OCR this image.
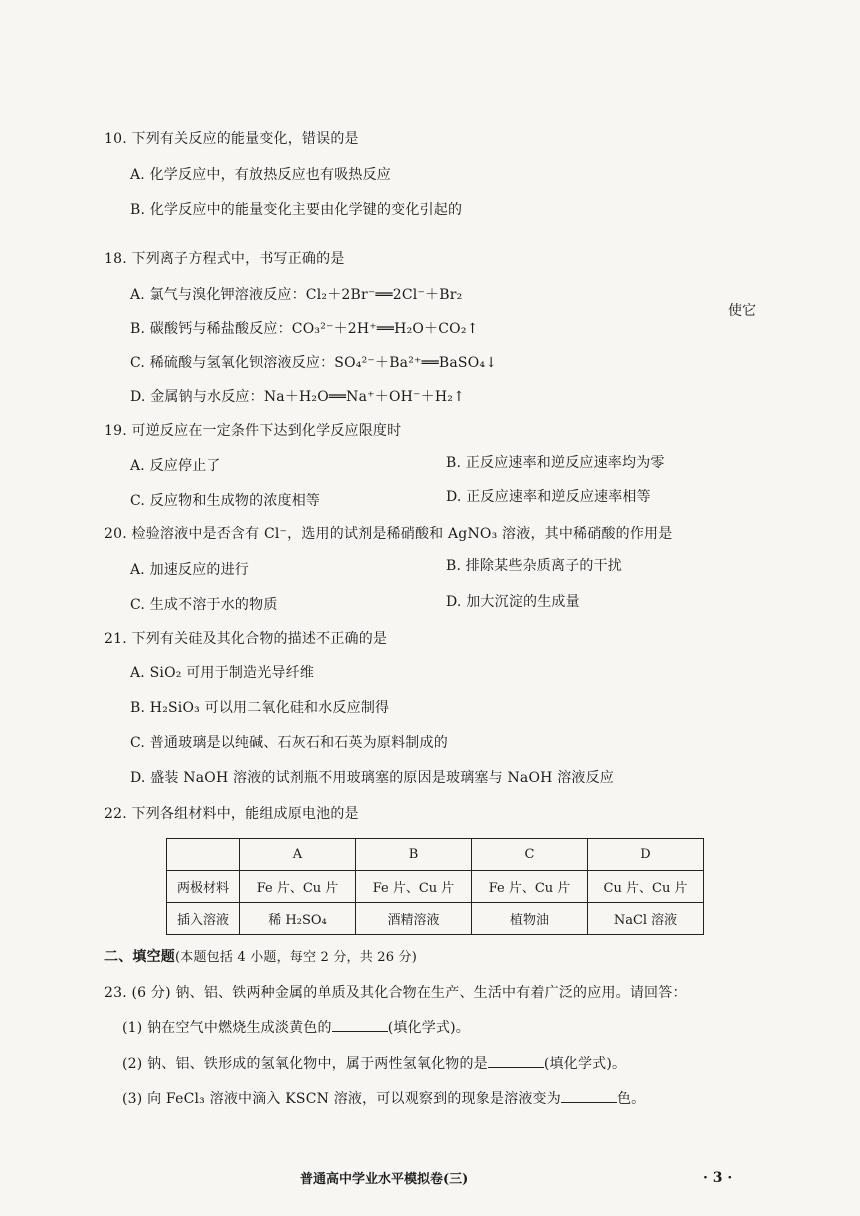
使它
10. 下列有关反应的能量变化，错误的是
A. 化学反应中，有放热反应也有吸热反应
B. 化学反应中的能量变化主要由化学键的变化引起的
18. 下列离子方程式中，书写正确的是
A. 氯气与溴化钾溶液反应：Cl₂＋2Br⁻══2Cl⁻＋Br₂
B. 碳酸钙与稀盐酸反应：CO₃²⁻＋2H⁺══H₂O＋CO₂↑
C. 稀硫酸与氢氧化钡溶液反应：SO₄²⁻＋Ba²⁺══BaSO₄↓
D. 金属钠与水反应：Na＋H₂O══Na⁺＋OH⁻＋H₂↑
19. 可逆反应在一定条件下达到化学反应限度时
A. 反应停止了	B. 正反应速率和逆反应速率均为零
C. 反应物和生成物的浓度相等	D. 正反应速率和逆反应速率相等
20. 检验溶液中是否含有 Cl⁻，选用的试剂是稀硝酸和 AgNO₃ 溶液，其中稀硝酸的作用是
A. 加速反应的进行	B. 排除某些杂质离子的干扰
C. 生成不溶于水的物质	D. 加大沉淀的生成量
21. 下列有关硅及其化合物的描述不正确的是
A. SiO₂ 可用于制造光导纤维
B. H₂SiO₃ 可以用二氧化硅和水反应制得
C. 普通玻璃是以纯碱、石灰石和石英为原料制成的
D. 盛装 NaOH 溶液的试剂瓶不用玻璃塞的原因是玻璃塞与 NaOH 溶液反应
22. 下列各组材料中，能组成原电池的是
	A	B	C	D
两极材料	Fe 片、Cu 片	Fe 片、Cu 片	Fe 片、Cu 片	Cu 片、Cu 片
插入溶液	稀 H₂SO₄	酒精溶液	植物油	NaCl 溶液
二、填空题(本题包括 4 小题，每空 2 分，共 26 分)
23. (6 分) 钠、铝、铁两种金属的单质及其化合物在生产、生活中有着广泛的应用。请回答：
(1) 钠在空气中燃烧生成淡黄色的	(填化学式)。
(2) 钠、铝、铁形成的氢氧化物中，属于两性氢氧化物的是	(填化学式)。
(3) 向 FeCl₃ 溶液中滴入 KSCN 溶液，可以观察到的现象是溶液变为	色。
普通高中学业水平模拟卷(三)	· 3 ·
